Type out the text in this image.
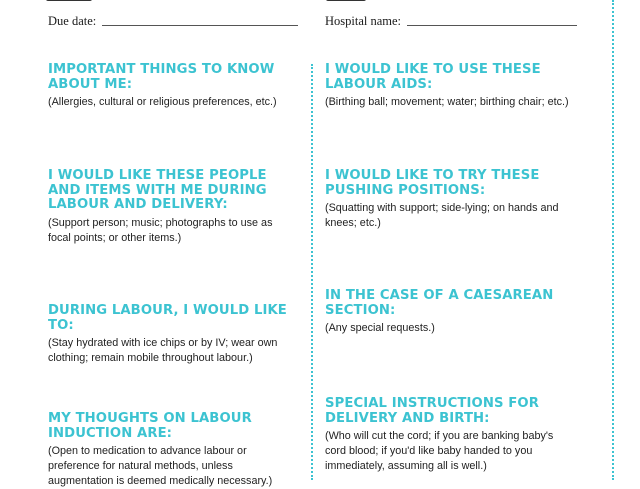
Due date:	Hospital name:

IMPORTANT THINGS TO KNOW ABOUT ME:

(Allergies, cultural or religious preferences, etc.)

I WOULD LIKE THESE PEOPLE AND ITEMS WITH ME DURING LABOUR AND DELIVERY:

(Support person; music; photographs to use as focal points; or other items.)

DURING LABOUR, I WOULD LIKE TO:

(Stay hydrated with ice chips or by IV; wear own clothing; remain mobile throughout labour.)

MY THOUGHTS ON LABOUR INDUCTION ARE:

(Open to medication to advance labour or preference for natural methods, unless augmentation is deemed medically necessary.)

I WOULD LIKE TO USE THESE LABOUR AIDS:

(Birthing ball; movement; water; birthing chair; etc.)

I WOULD LIKE TO TRY THESE PUSHING POSITIONS:

(Squatting with support; side-lying; on hands and knees; etc.)

IN THE CASE OF A CAESAREAN SECTION:

(Any special requests.)

SPECIAL INSTRUCTIONS FOR DELIVERY AND BIRTH:

(Who will cut the cord; if you are banking baby's cord blood; if you'd like baby handed to you immediately, assuming all is well.)
